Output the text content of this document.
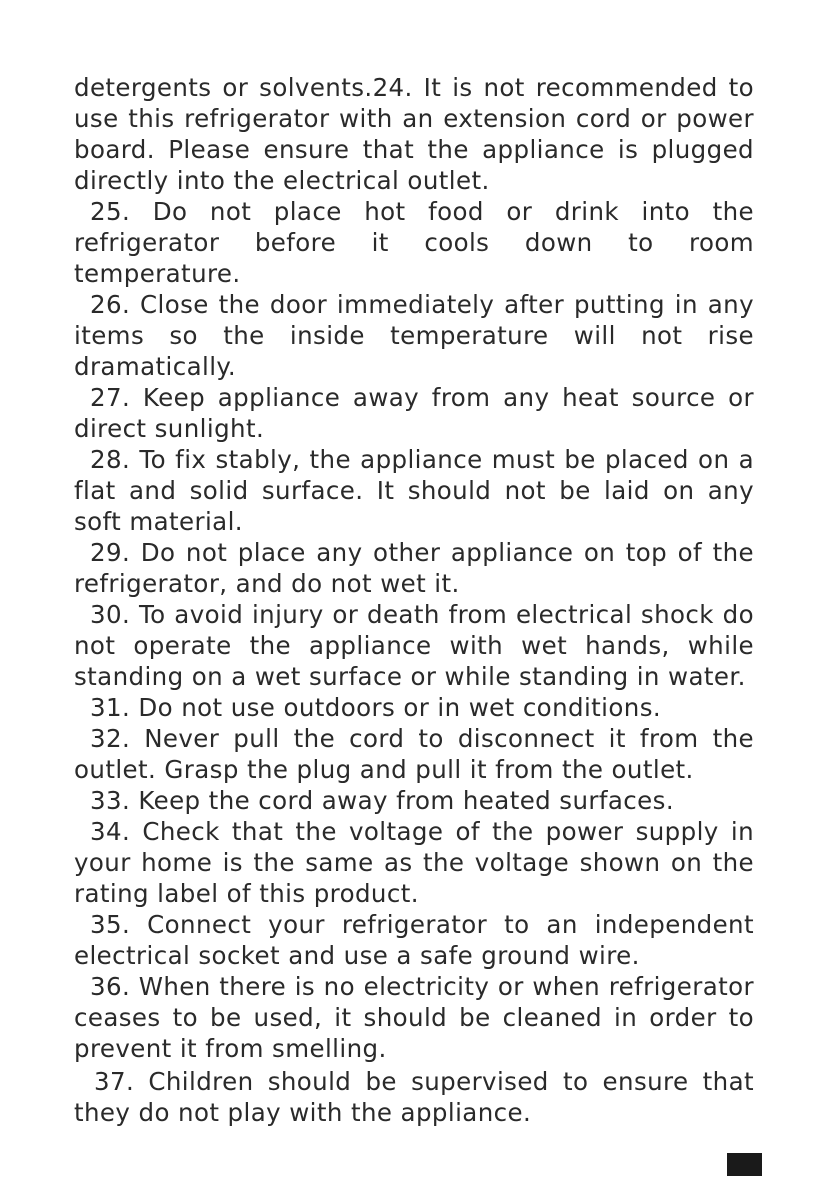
detergents or solvents.24. It is not recommended to use this refrigerator with an extension cord or power board. Please ensure that the appliance is plugged directly into the electrical outlet.

25. Do not place hot food or drink into the refrigerator before it cools down to room temperature.

26. Close the door immediately after putting in any items so the inside temperature will not rise dramatically.

27. Keep appliance away from any heat source or direct sunlight.

28. To fix stably, the appliance must be placed on a flat and solid surface. It should not be laid on any soft material.

29. Do not place any other appliance on top of the refrigerator, and do not wet it.

30. To avoid injury or death from electrical shock do not operate the appliance with wet hands, while standing on a wet surface or while standing in water.

31. Do not use outdoors or in wet conditions.

32. Never pull the cord to disconnect it from the outlet. Grasp the plug and pull it from the outlet.

33. Keep the cord away from heated surfaces.

34. Check that the voltage of the power supply in your home is the same as the voltage shown on the rating label of this product.

35. Connect your refrigerator to an independent electrical socket and use a safe ground wire.

36. When there is no electricity or when refrigerator ceases to be used, it should be cleaned in order to prevent it from smelling.

37. Children should be supervised to ensure that they do not play with the appliance.
